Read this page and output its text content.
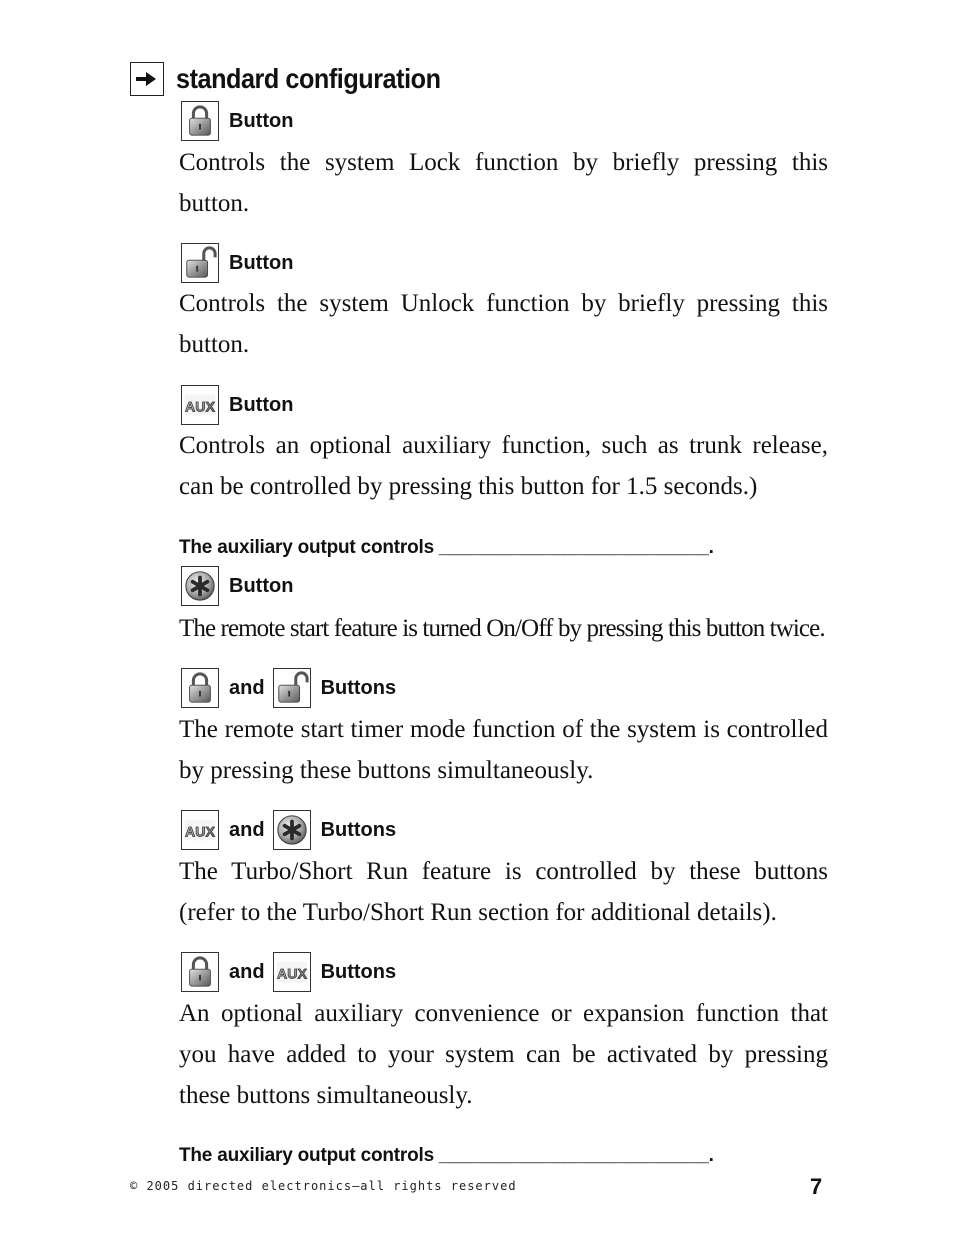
standard configuration
Button

Controls the system Lock function by briefly pressing this button.

Button

Controls the system Unlock function by briefly pressing this button.

Button

Controls an optional auxiliary function, such as trunk release, can be controlled by pressing this button for 1.5 seconds.)

The auxiliary output controls __________________________.
Button

The remote start feature is turned On/Off by pressing this button twice.

and	Buttons

The remote start timer mode function of the system is controlled by pressing these buttons simultaneously.

and	Buttons

The Turbo/Short Run feature is controlled by these buttons (refer to the Turbo/Short Run section for additional details).

and	Buttons

An optional auxiliary convenience or expansion function that you have added to your system can be activated by pressing these buttons simultaneously.

The auxiliary output controls __________________________.
© 2005 directed electronics—all rights reserved	7
